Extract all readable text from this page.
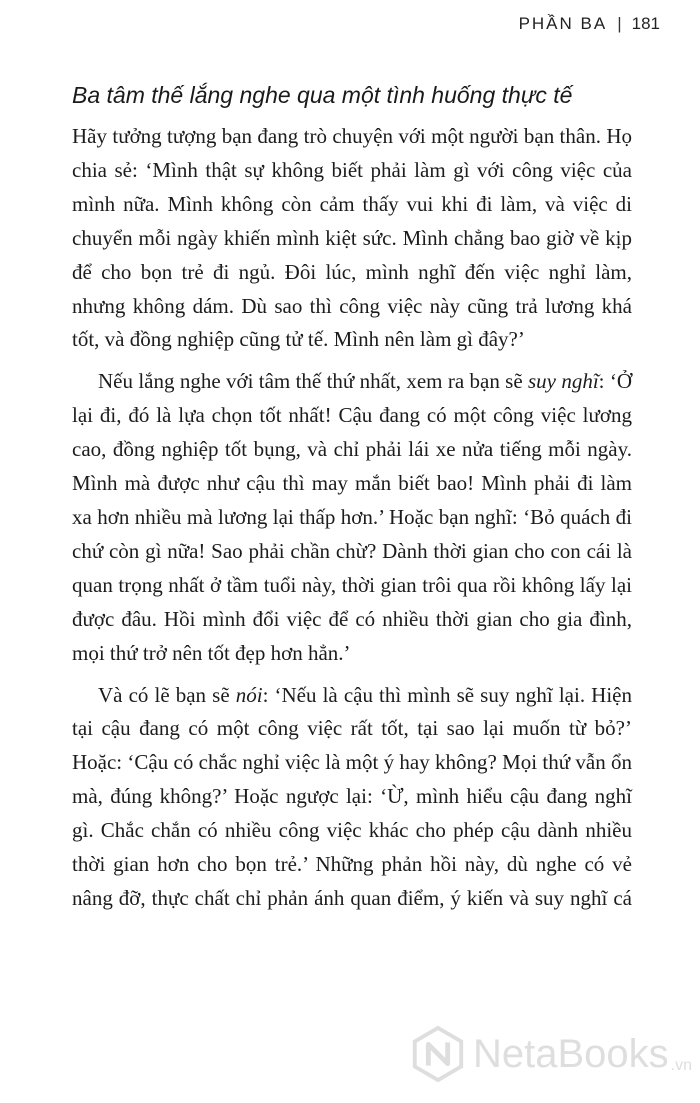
PHẦN BA | 181
Ba tâm thế lắng nghe qua một tình huống thực tế

Hãy tưởng tượng bạn đang trò chuyện với một người bạn thân. Họ chia sẻ: ‘Mình thật sự không biết phải làm gì với công việc của mình nữa. Mình không còn cảm thấy vui khi đi làm, và việc di chuyển mỗi ngày khiến mình kiệt sức. Mình chẳng bao giờ về kịp để cho bọn trẻ đi ngủ. Đôi lúc, mình nghĩ đến việc nghỉ làm, nhưng không dám. Dù sao thì công việc này cũng trả lương khá tốt, và đồng nghiệp cũng tử tế. Mình nên làm gì đây?’

Nếu lắng nghe với tâm thế thứ nhất, xem ra bạn sẽ suy nghĩ: ‘Ở lại đi, đó là lựa chọn tốt nhất! Cậu đang có một công việc lương cao, đồng nghiệp tốt bụng, và chỉ phải lái xe nửa tiếng mỗi ngày. Mình mà được như cậu thì may mắn biết bao! Mình phải đi làm xa hơn nhiều mà lương lại thấp hơn.’ Hoặc bạn nghĩ: ‘Bỏ quách đi chứ còn gì nữa! Sao phải chần chừ? Dành thời gian cho con cái là quan trọng nhất ở tầm tuổi này, thời gian trôi qua rồi không lấy lại được đâu. Hồi mình đổi việc để có nhiều thời gian cho gia đình, mọi thứ trở nên tốt đẹp hơn hẳn.’

Và có lẽ bạn sẽ nói: ‘Nếu là cậu thì mình sẽ suy nghĩ lại. Hiện tại cậu đang có một công việc rất tốt, tại sao lại muốn từ bỏ?’ Hoặc: ‘Cậu có chắc nghỉ việc là một ý hay không? Mọi thứ vẫn ổn mà, đúng không?’ Hoặc ngược lại: ‘Ừ, mình hiểu cậu đang nghĩ gì. Chắc chắn có nhiều công việc khác cho phép cậu dành nhiều thời gian hơn cho bọn trẻ.’ Những phản hồi này, dù nghe có vẻ nâng đỡ, thực chất chỉ phản ánh quan điểm, ý kiến và suy nghĩ cá

NetaBooks .vn
